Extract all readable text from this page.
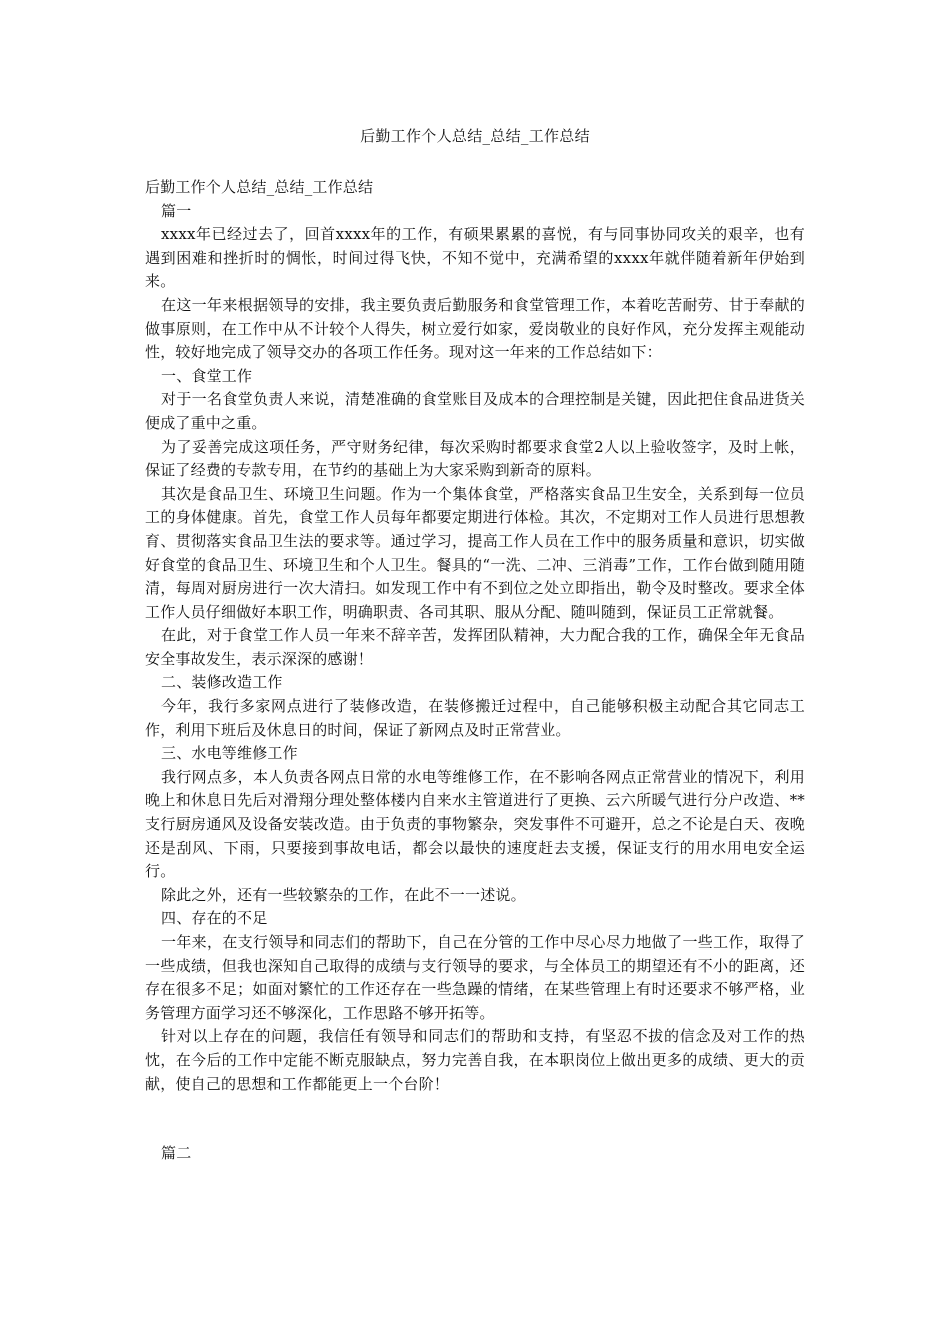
后勤工作个人总结_总结_工作总结

后勤工作个人总结_总结_工作总结

篇一

xxxx年已经过去了，回首xxxx年的工作，有硕果累累的喜悦，有与同事协同攻关的艰辛，也有遇到困难和挫折时的惆怅，时间过得飞快，不知不觉中，充满希望的xxxx年就伴随着新年伊始到来。

在这一年来根据领导的安排，我主要负责后勤服务和食堂管理工作，本着吃苦耐劳、甘于奉献的做事原则，在工作中从不计较个人得失，树立爱行如家，爱岗敬业的良好作风，充分发挥主观能动性，较好地完成了领导交办的各项工作任务。现对这一年来的工作总结如下：

一、食堂工作

对于一名食堂负责人来说，清楚准确的食堂账目及成本的合理控制是关键，因此把住食品进货关便成了重中之重。

为了妥善完成这项任务，严守财务纪律，每次采购时都要求食堂2人以上验收签字，及时上帐，保证了经费的专款专用，在节约的基础上为大家采购到新奇的原料。

其次是食品卫生、环境卫生问题。作为一个集体食堂，严格落实食品卫生安全，关系到每一位员工的身体健康。首先，食堂工作人员每年都要定期进行体检。其次，不定期对工作人员进行思想教育、贯彻落实食品卫生法的要求等。通过学习，提高工作人员在工作中的服务质量和意识，切实做好食堂的食品卫生、环境卫生和个人卫生。餐具的“一洗、二冲、三消毒”工作，工作台做到随用随清，每周对厨房进行一次大清扫。如发现工作中有不到位之处立即指出，勒令及时整改。要求全体工作人员仔细做好本职工作，明确职责、各司其职、服从分配、随叫随到，保证员工正常就餐。

在此，对于食堂工作人员一年来不辞辛苦，发挥团队精神，大力配合我的工作，确保全年无食品安全事故发生，表示深深的感谢！

二、装修改造工作

今年，我行多家网点进行了装修改造，在装修搬迁过程中，自己能够积极主动配合其它同志工作，利用下班后及休息日的时间，保证了新网点及时正常营业。

三、水电等维修工作

我行网点多，本人负责各网点日常的水电等维修工作，在不影响各网点正常营业的情况下，利用晚上和休息日先后对滑翔分理处整体楼内自来水主管道进行了更换、云六所暖气进行分户改造、**支行厨房通风及设备安装改造。由于负责的事物繁杂，突发事件不可避开，总之不论是白天、夜晚还是刮风、下雨，只要接到事故电话，都会以最快的速度赶去支援，保证支行的用水用电安全运行。

除此之外，还有一些较繁杂的工作，在此不一一述说。

四、存在的不足

一年来，在支行领导和同志们的帮助下，自己在分管的工作中尽心尽力地做了一些工作，取得了一些成绩，但我也深知自己取得的成绩与支行领导的要求，与全体员工的期望还有不小的距离，还存在很多不足；如面对繁忙的工作还存在一些急躁的情绪，在某些管理上有时还要求不够严格，业务管理方面学习还不够深化，工作思路不够开拓等。

针对以上存在的问题，我信任有领导和同志们的帮助和支持，有坚忍不拔的信念及对工作的热忱，在今后的工作中定能不断克服缺点，努力完善自我，在本职岗位上做出更多的成绩、更大的贡献，使自己的思想和工作都能更上一个台阶！

篇二
